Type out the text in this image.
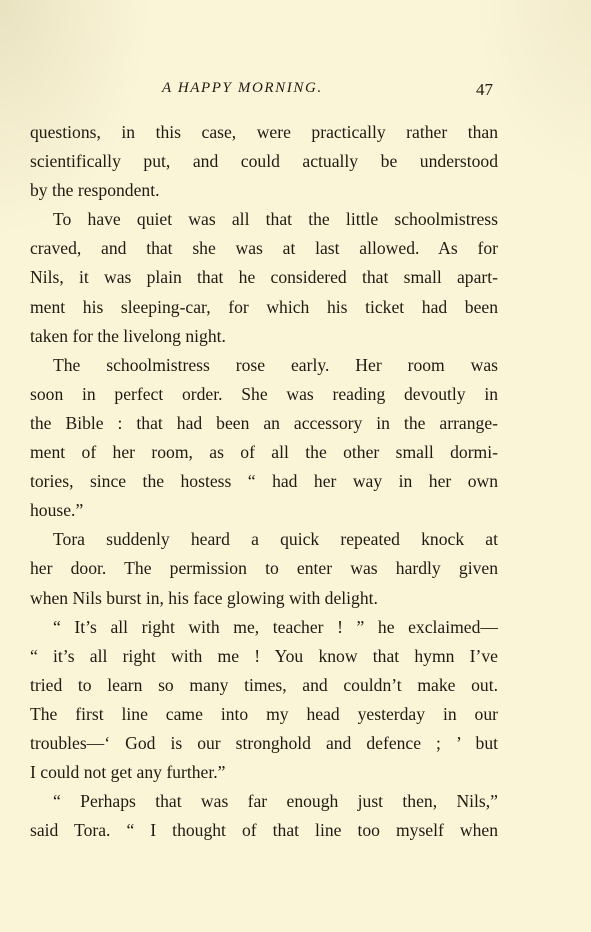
A HAPPY MORNING.	47
questions, in this case, were practically rather than
scientifically put, and could actually be understood
by the respondent.
To have quiet was all that the little schoolmistress
craved, and that she was at last allowed. As for
Nils, it was plain that he considered that small apart-
ment his sleeping-car, for which his ticket had been
taken for the livelong night.
The schoolmistress rose early. Her room was
soon in perfect order. She was reading devoutly in
the Bible : that had been an accessory in the arrange-
ment of her room, as of all the other small dormi-
tories, since the hostess “ had her way in her own
house.”
Tora suddenly heard a quick repeated knock at
her door. The permission to enter was hardly given
when Nils burst in, his face glowing with delight.
“ It’s all right with me, teacher ! ” he exclaimed—
“ it’s all right with me ! You know that hymn I’ve
tried to learn so many times, and couldn’t make out.
The first line came into my head yesterday in our
troubles—‘ God is our stronghold and defence ; ’ but
I could not get any further.”
“ Perhaps that was far enough just then, Nils,”
said Tora. “ I thought of that line too myself when
